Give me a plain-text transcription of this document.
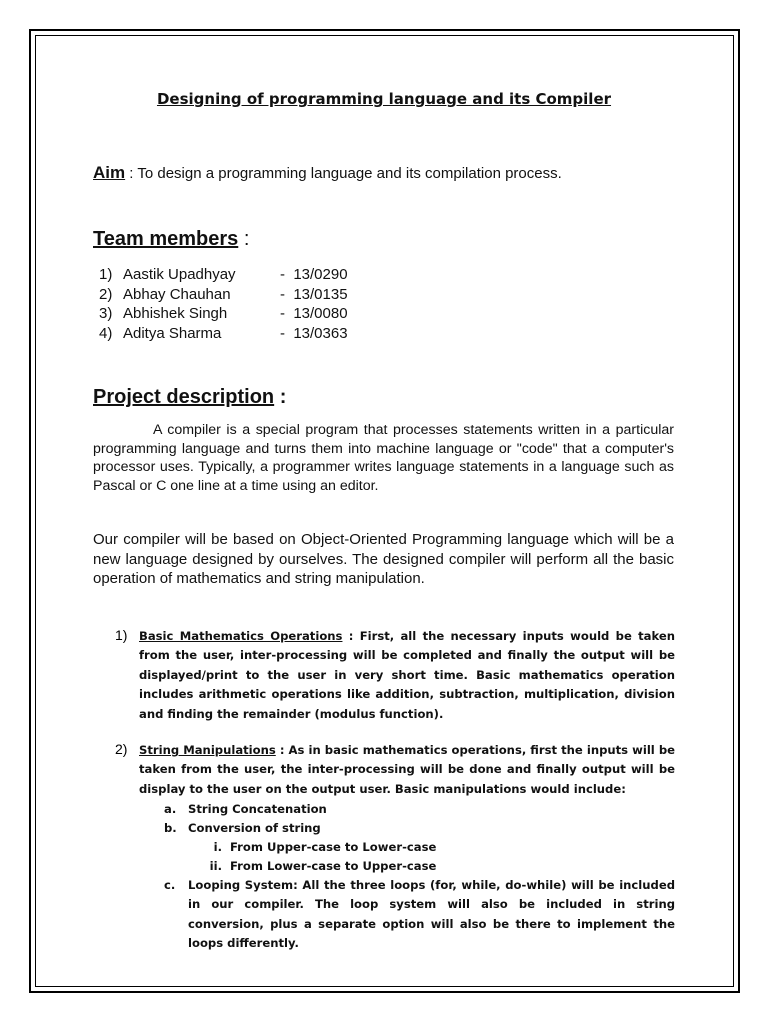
Designing of programming language and its Compiler
Aim : To design a programming language and its compilation process.
Team members :
1) Aastik Upadhyay	-  13/0290
2) Abhay Chauhan	-  13/0135
3) Abhishek Singh	-  13/0080
4) Aditya Sharma	-  13/0363
Project description :
A compiler is a special program that processes statements written in a particular programming language and turns them into machine language or "code" that a computer's processor uses. Typically, a programmer writes language statements in a language such as Pascal or C one line at a time using an editor.
Our compiler will be based on Object-Oriented Programming language which will be a new language designed by ourselves. The designed compiler will perform all the basic operation of mathematics and string manipulation.
1) Basic Mathematics Operations : First, all the necessary inputs would be taken from the user, inter-processing will be completed and finally the output will be displayed/print to the user in very short time. Basic mathematics operation includes arithmetic operations like addition, subtraction, multiplication, division and finding the remainder (modulus function).
2) String Manipulations : As in basic mathematics operations, first the inputs will be taken from the user, the inter-processing will be done and finally output will be display to the user on the output user. Basic manipulations would include:
a. String Concatenation
b. Conversion of string
i. From Upper-case to Lower-case
ii. From Lower-case to Upper-case
c. Looping System: All the three loops (for, while, do-while) will be included in our compiler. The loop system will also be included in string conversion, plus a separate option will also be there to implement the loops differently.
